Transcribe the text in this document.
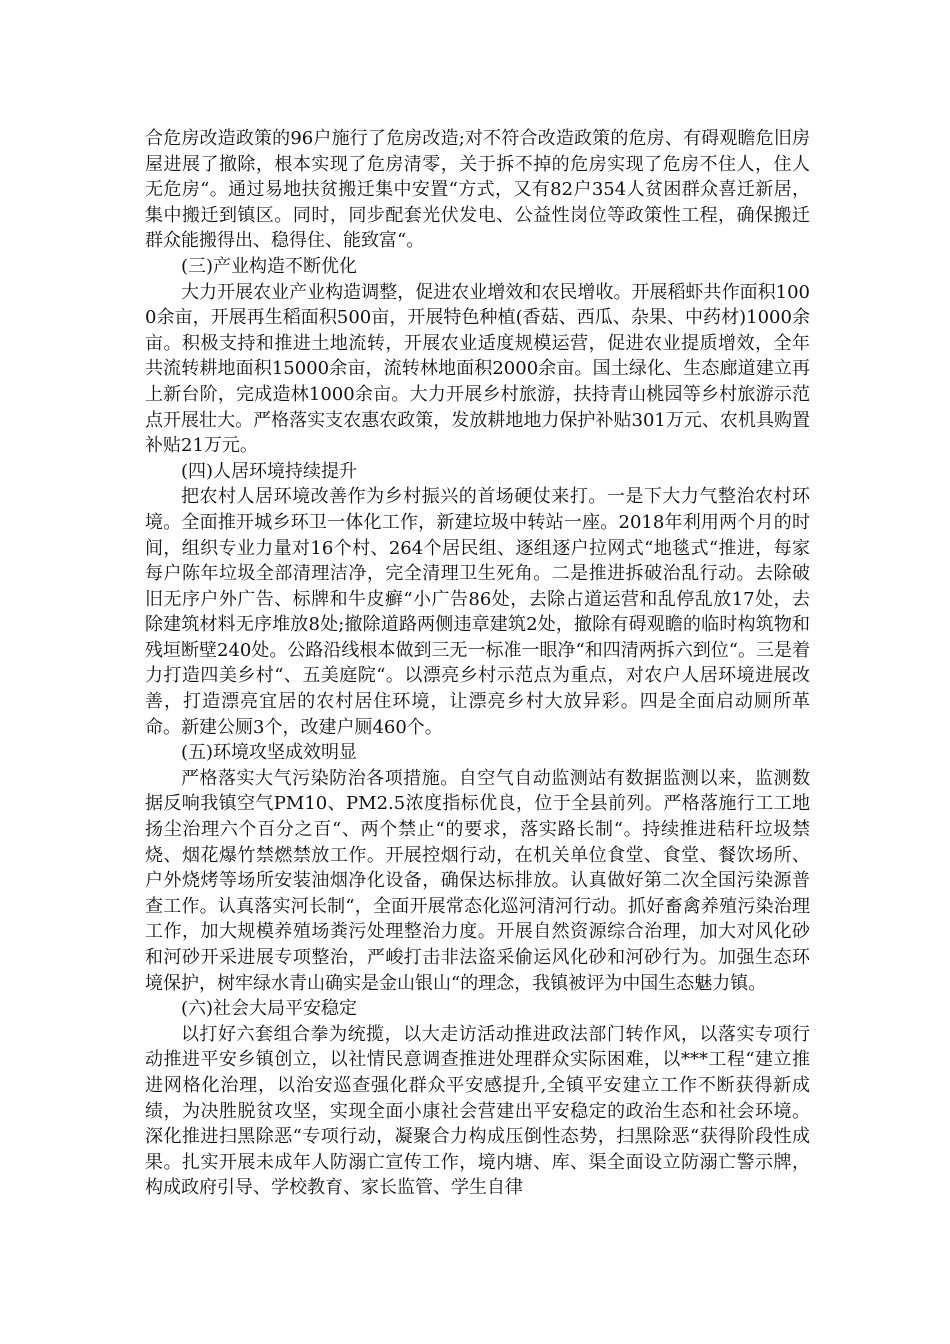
合危房改造政策的96户施行了危房改造;对不符合改造政策的危房、有碍观瞻危旧房屋进展了撤除，根本实现了危房清零，关于拆不掉的危房实现了危房不住人，住人无危房“。通过易地扶贫搬迁集中安置“方式，又有82户354人贫困群众喜迁新居，集中搬迁到镇区。同时，同步配套光伏发电、公益性岗位等政策性工程，确保搬迁群众能搬得出、稳得住、能致富“。

(三)产业构造不断优化

大力开展农业产业构造调整，促进农业增效和农民增收。开展稻虾共作面积1000余亩，开展再生稻面积500亩，开展特色种植(香菇、西瓜、杂果、中药材)1000余亩。积极支持和推进土地流转，开展农业适度规模运营，促进农业提质增效，全年共流转耕地面积15000余亩，流转林地面积2000余亩。国土绿化、生态廊道建立再上新台阶，完成造林1000余亩。大力开展乡村旅游，扶持青山桃园等乡村旅游示范点开展壮大。严格落实支农惠农政策，发放耕地地力保护补贴301万元、农机具购置补贴21万元。

(四)人居环境持续提升

把农村人居环境改善作为乡村振兴的首场硬仗来打。一是下大力气整治农村环境。全面推开城乡环卫一体化工作，新建垃圾中转站一座。2018年利用两个月的时间，组织专业力量对16个村、264个居民组、逐组逐户拉网式“地毯式“推进，每家每户陈年垃圾全部清理洁净，完全清理卫生死角。二是推进拆破治乱行动。去除破旧无序户外广告、标牌和牛皮癣“小广告86处，去除占道运营和乱停乱放17处，去除建筑材料无序堆放8处;撤除道路两侧违章建筑2处，撤除有碍观瞻的临时构筑物和残垣断壁240处。公路沿线根本做到三无一标准一眼净“和四清两拆六到位“。三是着力打造四美乡村“、五美庭院“。以漂亮乡村示范点为重点，对农户人居环境进展改善，打造漂亮宜居的农村居住环境，让漂亮乡村大放异彩。四是全面启动厕所革命。新建公厕3个，改建户厕460个。

(五)环境攻坚成效明显

严格落实大气污染防治各项措施。自空气自动监测站有数据监测以来，监测数据反响我镇空气PM10、PM2.5浓度指标优良，位于全县前列。严格落施行工工地扬尘治理六个百分之百“、两个禁止“的要求，落实路长制“。持续推进秸秆垃圾禁烧、烟花爆竹禁燃禁放工作。开展控烟行动，在机关单位食堂、食堂、餐饮场所、户外烧烤等场所安装油烟净化设备，确保达标排放。认真做好第二次全国污染源普查工作。认真落实河长制“，全面开展常态化巡河清河行动。抓好畜禽养殖污染治理工作，加大规模养殖场粪污处理整治力度。开展自然资源综合治理，加大对风化砂和河砂开采进展专项整治，严峻打击非法盗采偷运风化砂和河砂行为。加强生态环境保护，树牢绿水青山确实是金山银山“的理念，我镇被评为中国生态魅力镇。

(六)社会大局平安稳定

以打好六套组合拳为统揽，以大走访活动推进政法部门转作风，以落实专项行动推进平安乡镇创立，以社情民意调查推进处理群众实际困难，以***工程“建立推进网格化治理，以治安巡查强化群众平安感提升,全镇平安建立工作不断获得新成绩，为决胜脱贫攻坚，实现全面小康社会营建出平安稳定的政治生态和社会环境。深化推进扫黑除恶“专项行动，凝聚合力构成压倒性态势，扫黑除恶“获得阶段性成果。扎实开展未成年人防溺亡宣传工作，境内塘、库、渠全面设立防溺亡警示牌，构成政府引导、学校教育、家长监管、学生自律
